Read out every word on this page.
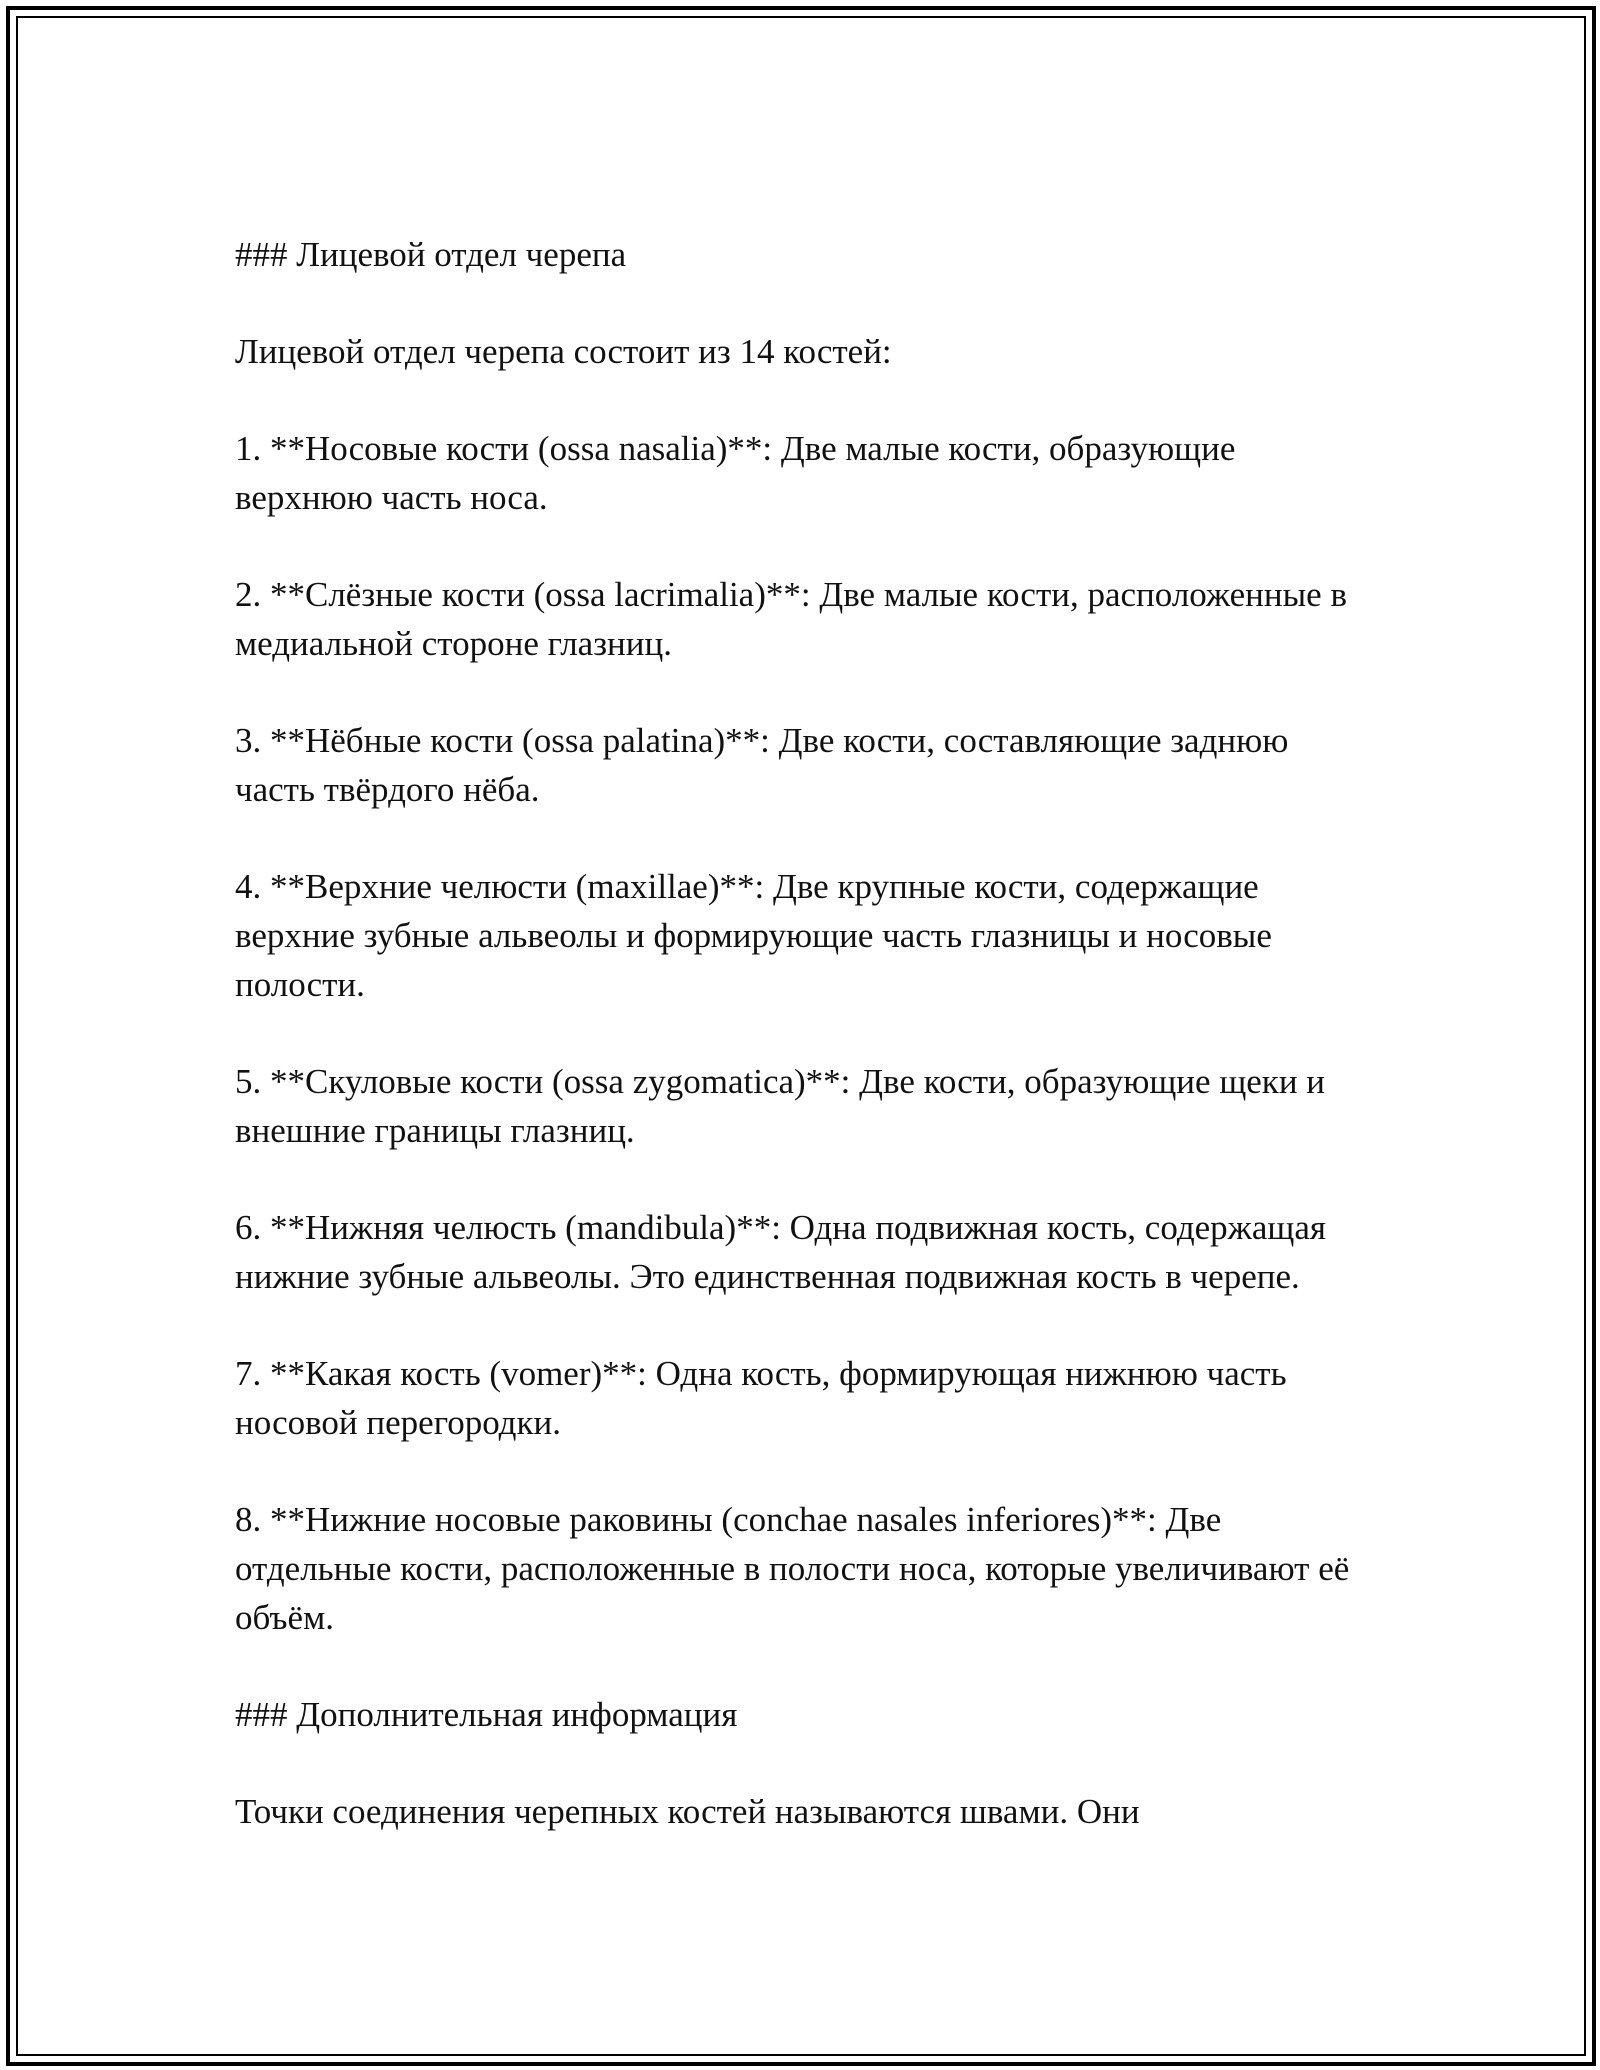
### Лицевой отдел черепа

Лицевой отдел черепа состоит из 14 костей:

1. **Носовые кости (ossa nasalia)**: Две малые кости, образующие верхнюю часть носа.

2. **Слёзные кости (ossa lacrimalia)**: Две малые кости, расположенные в медиальной стороне глазниц.

3. **Нёбные кости (ossa palatina)**: Две кости, составляющие заднюю часть твёрдого нёба.

4. **Верхние челюсти (maxillae)**: Две крупные кости, содержащие верхние зубные альвеолы и формирующие часть глазницы и носовые полости.

5. **Скуловые кости (ossa zygomatica)**: Две кости, образующие щеки и внешние границы глазниц.

6. **Нижняя челюсть (mandibula)**: Одна подвижная кость, содержащая нижние зубные альвеолы. Это единственная подвижная кость в черепе.

7. **Какая кость (vomer)**: Одна кость, формирующая нижнюю часть носовой перегородки.

8. **Нижние носовые раковины (conchae nasales inferiores)**: Две отдельные кости, расположенные в полости носа, которые увеличивают её объём.

### Дополнительная информация

Точки соединения черепных костей называются швами. Они
